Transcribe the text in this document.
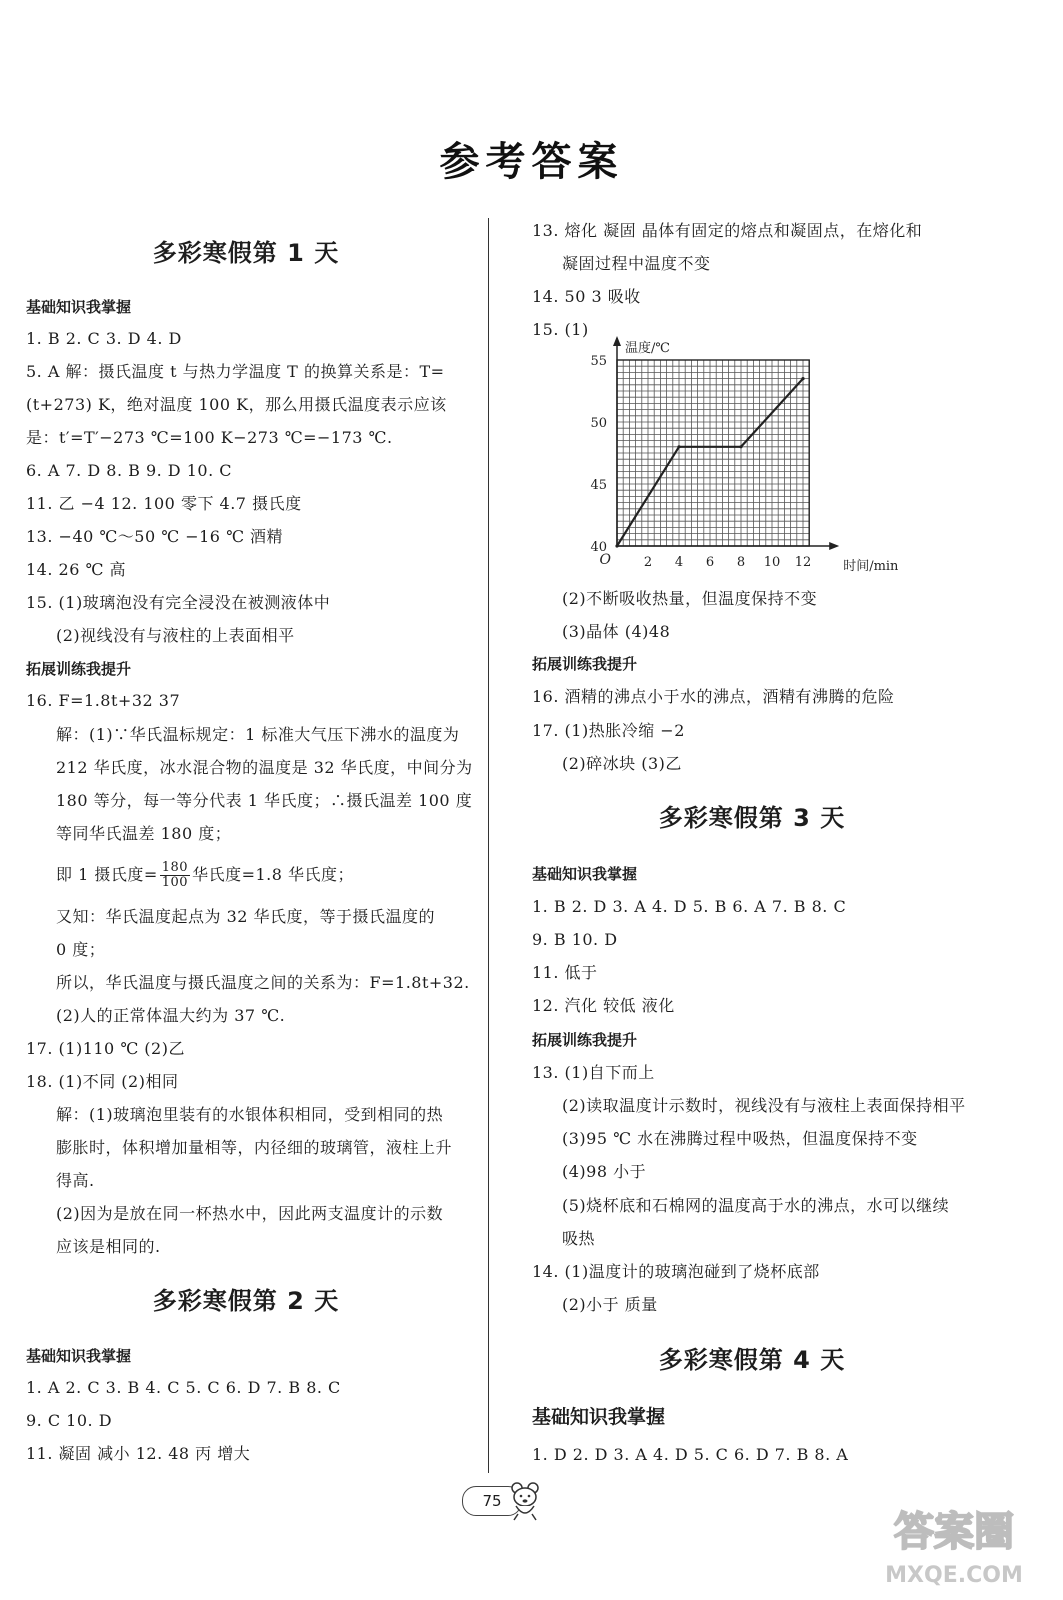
参考答案
多彩寒假第 1 天
基础知识我掌握
1. B 2. C 3. D 4. D
5. A 解：摄氏温度 t 与热力学温度 T 的换算关系是：T=
(t+273) K，绝对温度 100 K，那么用摄氏温度表示应该
是：t′=T′−273 ℃=100 K−273 ℃=−173 ℃.
6. A 7. D 8. B 9. D 10. C
11. 乙 −4 12. 100 零下 4.7 摄氏度
13. −40 ℃～50 ℃ −16 ℃ 酒精
14. 26 ℃ 高
15. (1)玻璃泡没有完全浸没在被测液体中
(2)视线没有与液柱的上表面相平
拓展训练我提升
16. F=1.8t+32 37
解：(1)∵华氏温标规定：1 标准大气压下沸水的温度为
212 华氏度，冰水混合物的温度是 32 华氏度，中间分为
180 等分，每一等分代表 1 华氏度；∴摄氏温差 100 度
等同华氏温差 180 度；
即 1 摄氏度= $\frac{180}{100}$ 华氏度=1.8 华氏度；
又知：华氏温度起点为 32 华氏度，等于摄氏温度的
0 度；
所以，华氏温度与摄氏温度之间的关系为：F=1.8t+32.
(2)人的正常体温大约为 37 ℃.
17. (1)110 ℃ (2)乙
18. (1)不同 (2)相同
解：(1)玻璃泡里装有的水银体积相同，受到相同的热
膨胀时，体积增加量相等，内径细的玻璃管，液柱上升
得高.
(2)因为是放在同一杯热水中，因此两支温度计的示数
应该是相同的.
多彩寒假第 2 天
基础知识我掌握
1. A 2. C 3. B 4. C 5. C 6. D 7. B 8. C
9. C 10. D
11. 凝固 减小 12. 48 丙 增大
13. 熔化 凝固 晶体有固定的熔点和凝固点，在熔化和
凝固过程中温度不变
14. 50 3 吸收
15. (1)
(2)不断吸收热量，但温度保持不变
(3)晶体 (4)48
拓展训练我提升
16. 酒精的沸点小于水的沸点，酒精有沸腾的危险
17. (1)热胀冷缩 −2
(2)碎冰块 (3)乙
多彩寒假第 3 天
基础知识我掌握
1. B 2. D 3. A 4. D 5. B 6. A 7. B 8. C
9. B 10. D
11. 低于
12. 汽化 较低 液化
拓展训练我提升
13. (1)自下而上
(2)读取温度计示数时，视线没有与液柱上表面保持相平
(3)95 ℃ 水在沸腾过程中吸热，但温度保持不变
(4)98 小于
(5)烧杯底和石棉网的温度高于水的沸点，水可以继续
吸热
14. (1)温度计的玻璃泡碰到了烧杯底部
(2)小于 质量
多彩寒假第 4 天
基础知识我掌握
1. D 2. D 3. A 4. D 5. C 6. D 7. B 8. A
40
45
50
55
2 4 6 8 10 12
O
温度/℃
时间/min
75
答案圈
MXQE.COM
